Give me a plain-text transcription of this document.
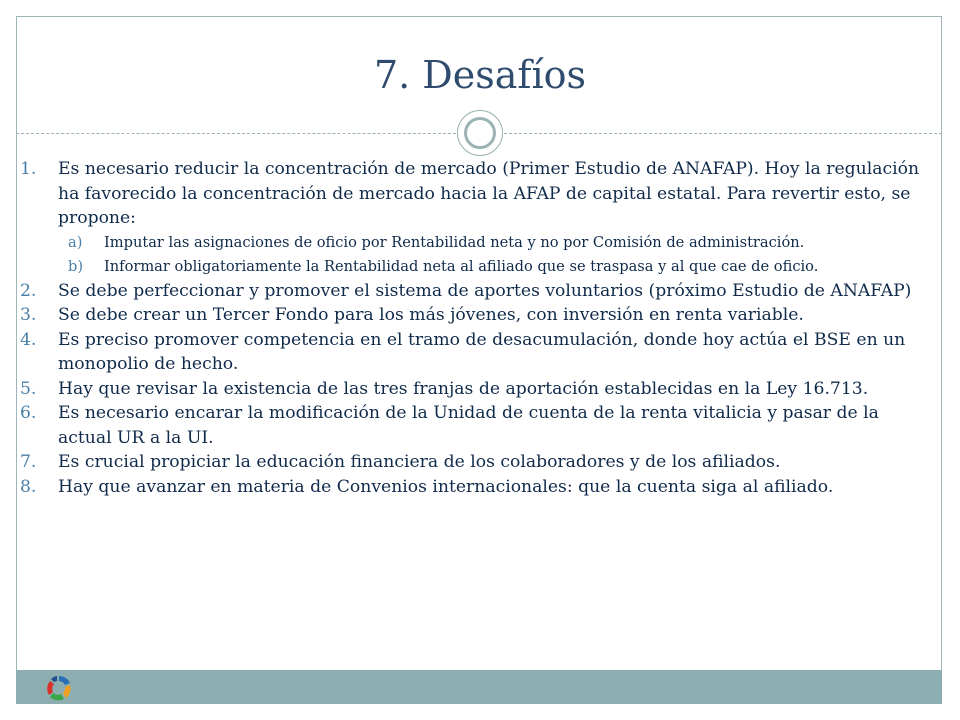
7. Desafíos
1. Es necesario reducir la concentración de mercado (Primer Estudio de ANAFAP). Hoy la regulación ha favorecido la concentración de mercado hacia la AFAP de capital estatal. Para revertir esto, se propone:
a) Imputar las asignaciones de oficio por Rentabilidad neta y no por Comisión de administración.
b) Informar obligatoriamente la Rentabilidad neta al afiliado que se traspasa y al que cae de oficio.
2. Se debe perfeccionar y promover el sistema de aportes voluntarios (próximo Estudio de ANAFAP)
3. Se debe crear un Tercer Fondo para los más jóvenes, con inversión en renta variable.
4. Es preciso promover competencia en el tramo de desacumulación, donde hoy actúa el BSE en un monopolio de hecho.
5. Hay que revisar la existencia de las tres franjas de aportación establecidas en la Ley 16.713.
6. Es necesario encarar la modificación de la Unidad de cuenta de la renta vitalicia y pasar de la actual UR a la UI.
7. Es crucial propiciar la educación financiera de los colaboradores y de los afiliados.
8. Hay que avanzar en materia de Convenios internacionales: que la cuenta siga al afiliado.
